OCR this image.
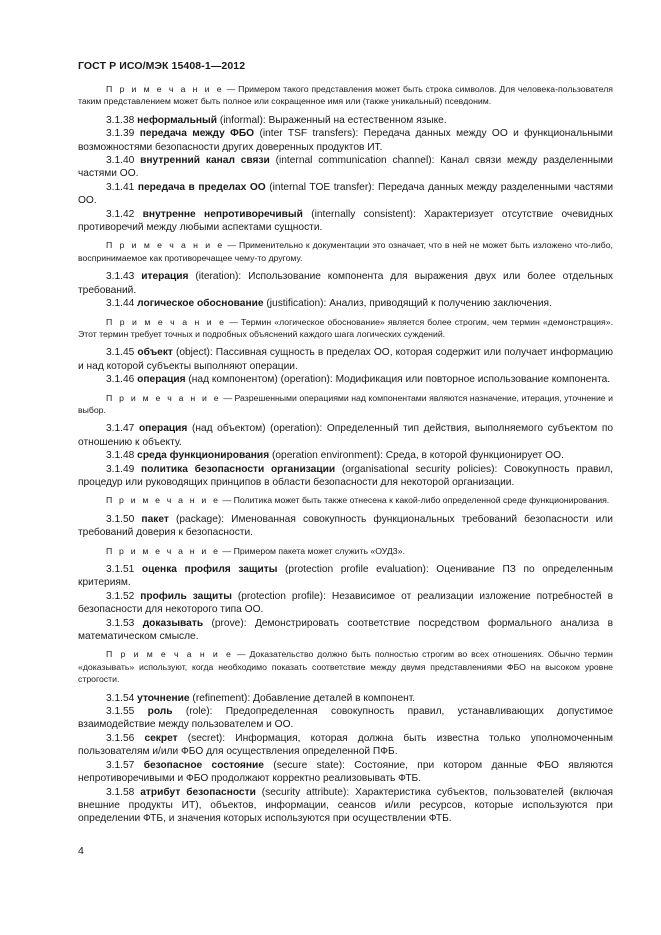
ГОСТ Р ИСО/МЭК 15408-1—2012

П р и м е ч а н и е — Примером такого представления может быть строка символов. Для человека-пользователя таким представлением может быть полное или сокращенное имя или (также уникальный) псевдоним.

3.1.38 неформальный (informal): Выраженный на естественном языке.

3.1.39 передача между ФБО (inter TSF transfers): Передача данных между ОО и функциональными возможностями безопасности других доверенных продуктов ИТ.

3.1.40 внутренний канал связи (internal communication channel): Канал связи между разделенными частями ОО.

3.1.41 передача в пределах ОО (internal TOE transfer): Передача данных между разделенными частями ОО.

3.1.42 внутренне непротиворечивый (internally consistent): Характеризует отсутствие очевидных противоречий между любыми аспектами сущности.

П р и м е ч а н и е — Применительно к документации это означает, что в ней не может быть изложено что-либо, воспринимаемое как противоречащее чему-то другому.

3.1.43 итерация (iteration): Использование компонента для выражения двух или более отдельных требований.

3.1.44 логическое обоснование (justification): Анализ, приводящий к получению заключения.

П р и м е ч а н и е — Термин «логическое обоснование» является более строгим, чем термин «демонстрация». Этот термин требует точных и подробных объяснений каждого шага логических суждений.

3.1.45 объект (object): Пассивная сущность в пределах ОО, которая содержит или получает информацию и над которой субъекты выполняют операции.

3.1.46 операция (над компонентом) (operation): Модификация или повторное использование компонента.

П р и м е ч а н и е — Разрешенными операциями над компонентами являются назначение, итерация, уточнение и выбор.

3.1.47 операция (над объектом) (operation): Определенный тип действия, выполняемого субъектом по отношению к объекту.

3.1.48 среда функционирования (operation environment): Среда, в которой функционирует ОО.

3.1.49 политика безопасности организации (organisational security policies): Совокупность правил, процедур или руководящих принципов в области безопасности для некоторой организации.

П р и м е ч а н и е — Политика может быть также отнесена к какой-либо определенной среде функционирования.

3.1.50 пакет (package): Именованная совокупность функциональных требований безопасности или требований доверия к безопасности.

П р и м е ч а н и е — Примером пакета может служить «ОУД3».

3.1.51 оценка профиля защиты (protection profile evaluation): Оценивание ПЗ по определенным критериям.

3.1.52 профиль защиты (protection profile): Независимое от реализации изложение потребностей в безопасности для некоторого типа ОО.

3.1.53 доказывать (prove): Демонстрировать соответствие посредством формального анализа в математическом смысле.

П р и м е ч а н и е — Доказательство должно быть полностью строгим во всех отношениях. Обычно термин «доказывать» используют, когда необходимо показать соответствие между двумя представлениями ФБО на высоком уровне строгости.

3.1.54 уточнение (refinement): Добавление деталей в компонент.

3.1.55 роль (role): Предопределенная совокупность правил, устанавливающих допустимое взаимодействие между пользователем и ОО.

3.1.56 секрет (secret): Информация, которая должна быть известна только уполномоченным пользователям и/или ФБО для осуществления определенной ПФБ.

3.1.57 безопасное состояние (secure state): Состояние, при котором данные ФБО являются непротиворечивыми и ФБО продолжают корректно реализовывать ФТБ.

3.1.58 атрибут безопасности (security attribute): Характеристика субъектов, пользователей (включая внешние продукты ИТ), объектов, информации, сеансов и/или ресурсов, которые используются при определении ФТБ, и значения которых используются при осуществлении ФТБ.

4
